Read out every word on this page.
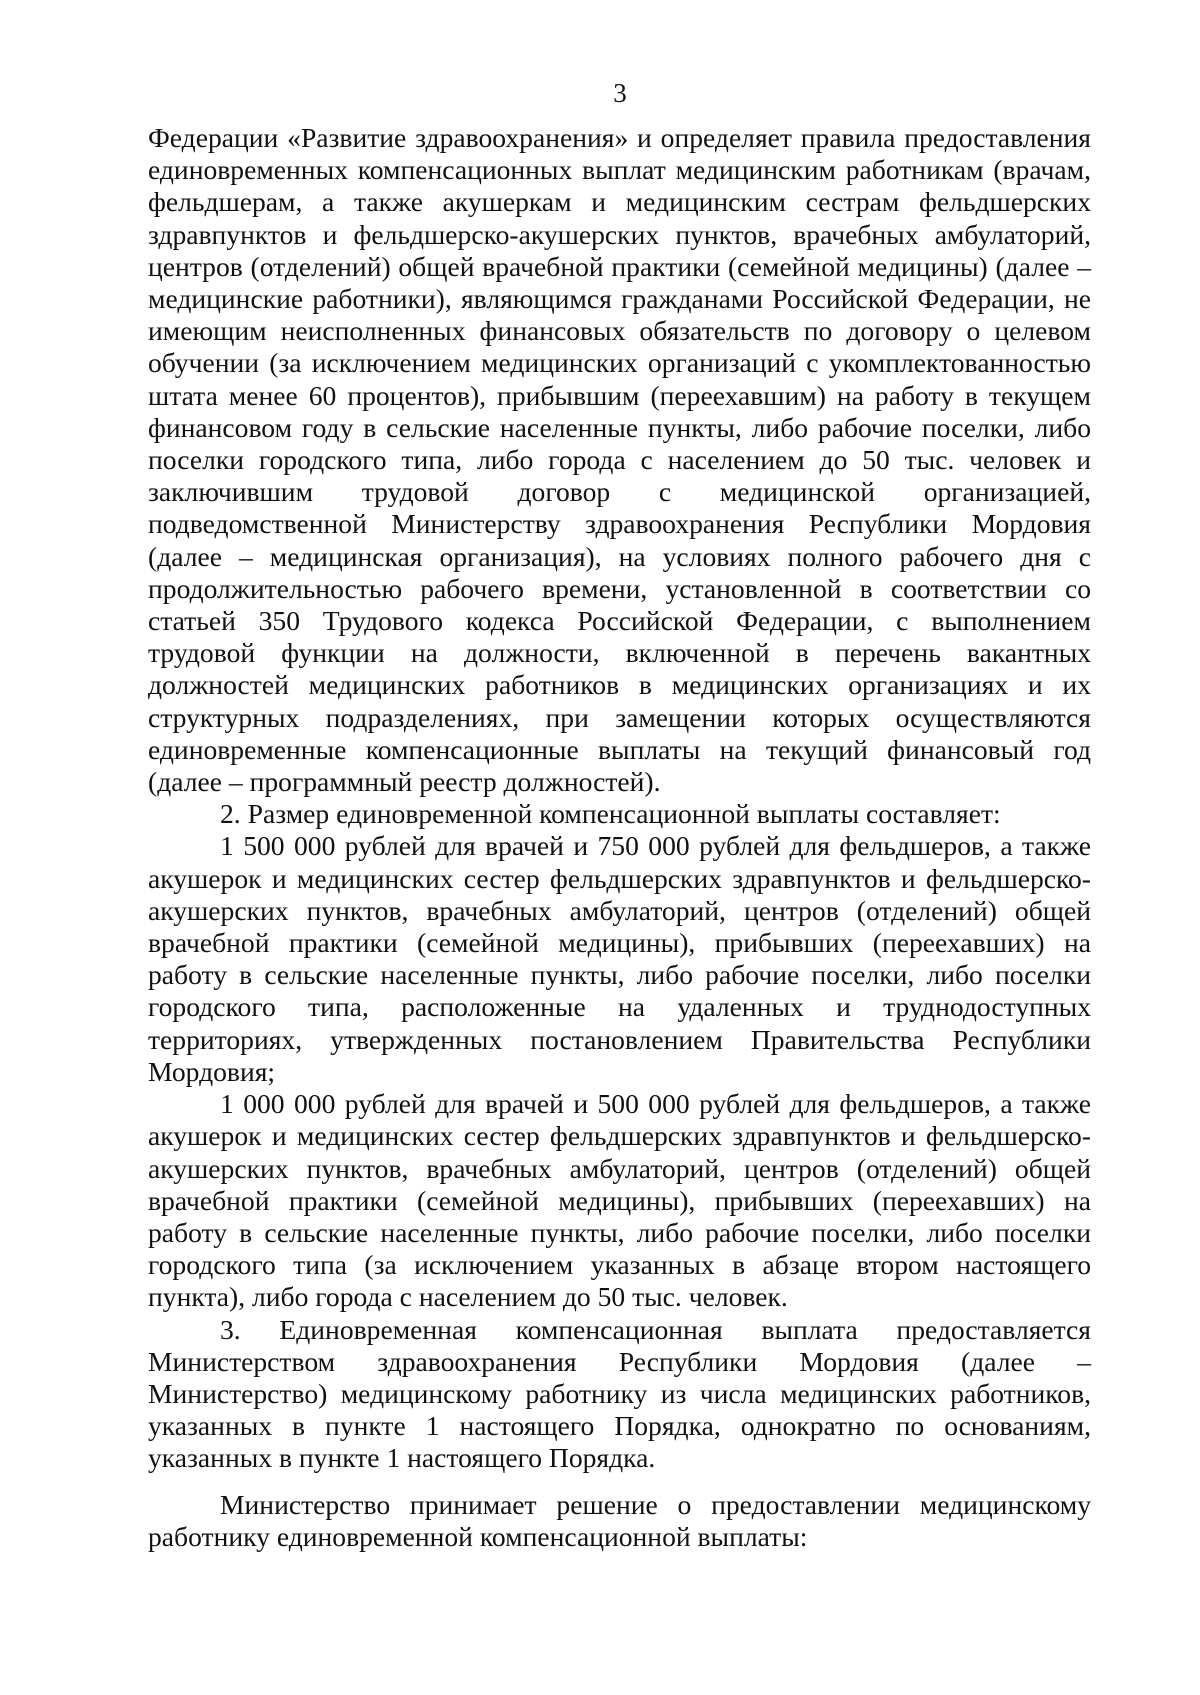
3

Федерации «Развитие здравоохранения» и определяет правила предоставления единовременных компенсационных выплат медицинским работникам (врачам, фельдшерам, а также акушеркам и медицинским сестрам фельдшерских здравпунктов и фельдшерско-акушерских пунктов, врачебных амбулаторий, центров (отделений) общей врачебной практики (семейной медицины) (далее – медицинские работники), являющимся гражданами Российской Федерации, не имеющим неисполненных финансовых обязательств по договору о целевом обучении (за исключением медицинских организаций с укомплектованностью штата менее 60 процентов), прибывшим (переехавшим) на работу в текущем финансовом году в сельские населенные пункты, либо рабочие поселки, либо поселки городского типа, либо города с населением до 50 тыс. человек и заключившим трудовой договор с медицинской организацией, подведомственной Министерству здравоохранения Республики Мордовия (далее – медицинская организация), на условиях полного рабочего дня с продолжительностью рабочего времени, установленной в соответствии со статьей 350 Трудового кодекса Российской Федерации, с выполнением трудовой функции на должности, включенной в перечень вакантных должностей медицинских работников в медицинских организациях и их структурных подразделениях, при замещении которых осуществляются единовременные компенсационные выплаты на текущий финансовый год (далее – программный реестр должностей).

2. Размер единовременной компенсационной выплаты составляет:

1 500 000 рублей для врачей и 750 000 рублей для фельдшеров, а также акушерок и медицинских сестер фельдшерских здравпунктов и фельдшерско-акушерских пунктов, врачебных амбулаторий, центров (отделений) общей врачебной практики (семейной медицины), прибывших (переехавших) на работу в сельские населенные пункты, либо рабочие поселки, либо поселки городского типа, расположенные на удаленных и труднодоступных территориях, утвержденных постановлением Правительства Республики Мордовия;

1 000 000 рублей для врачей и 500 000 рублей для фельдшеров, а также акушерок и медицинских сестер фельдшерских здравпунктов и фельдшерско-акушерских пунктов, врачебных амбулаторий, центров (отделений) общей врачебной практики (семейной медицины), прибывших (переехавших) на работу в сельские населенные пункты, либо рабочие поселки, либо поселки городского типа (за исключением указанных в абзаце втором настоящего пункта), либо города с населением до 50 тыс. человек.

3. Единовременная компенсационная выплата предоставляется Министерством здравоохранения Республики Мордовия (далее – Министерство) медицинскому работнику из числа медицинских работников, указанных в пункте 1 настоящего Порядка, однократно по основаниям, указанных в пункте 1 настоящего Порядка.

Министерство принимает решение о предоставлении медицинскому работнику единовременной компенсационной выплаты:
